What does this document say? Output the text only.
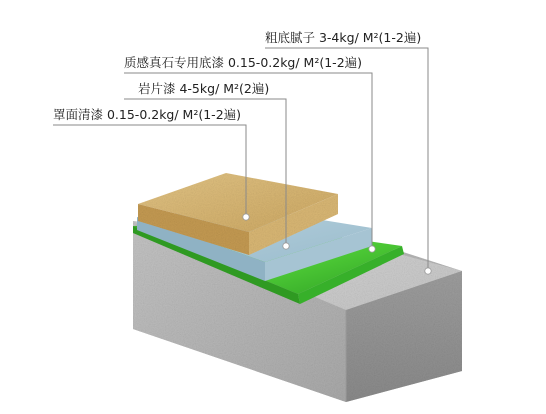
罩面清漆 0.15-0.2kg/ M²(1-2遍)
岩片漆 4-5kg/ M²(2遍)
质感真石专用底漆 0.15-0.2kg/ M²(1-2遍)
粗底腻子 3-4kg/ M²(1-2遍)
